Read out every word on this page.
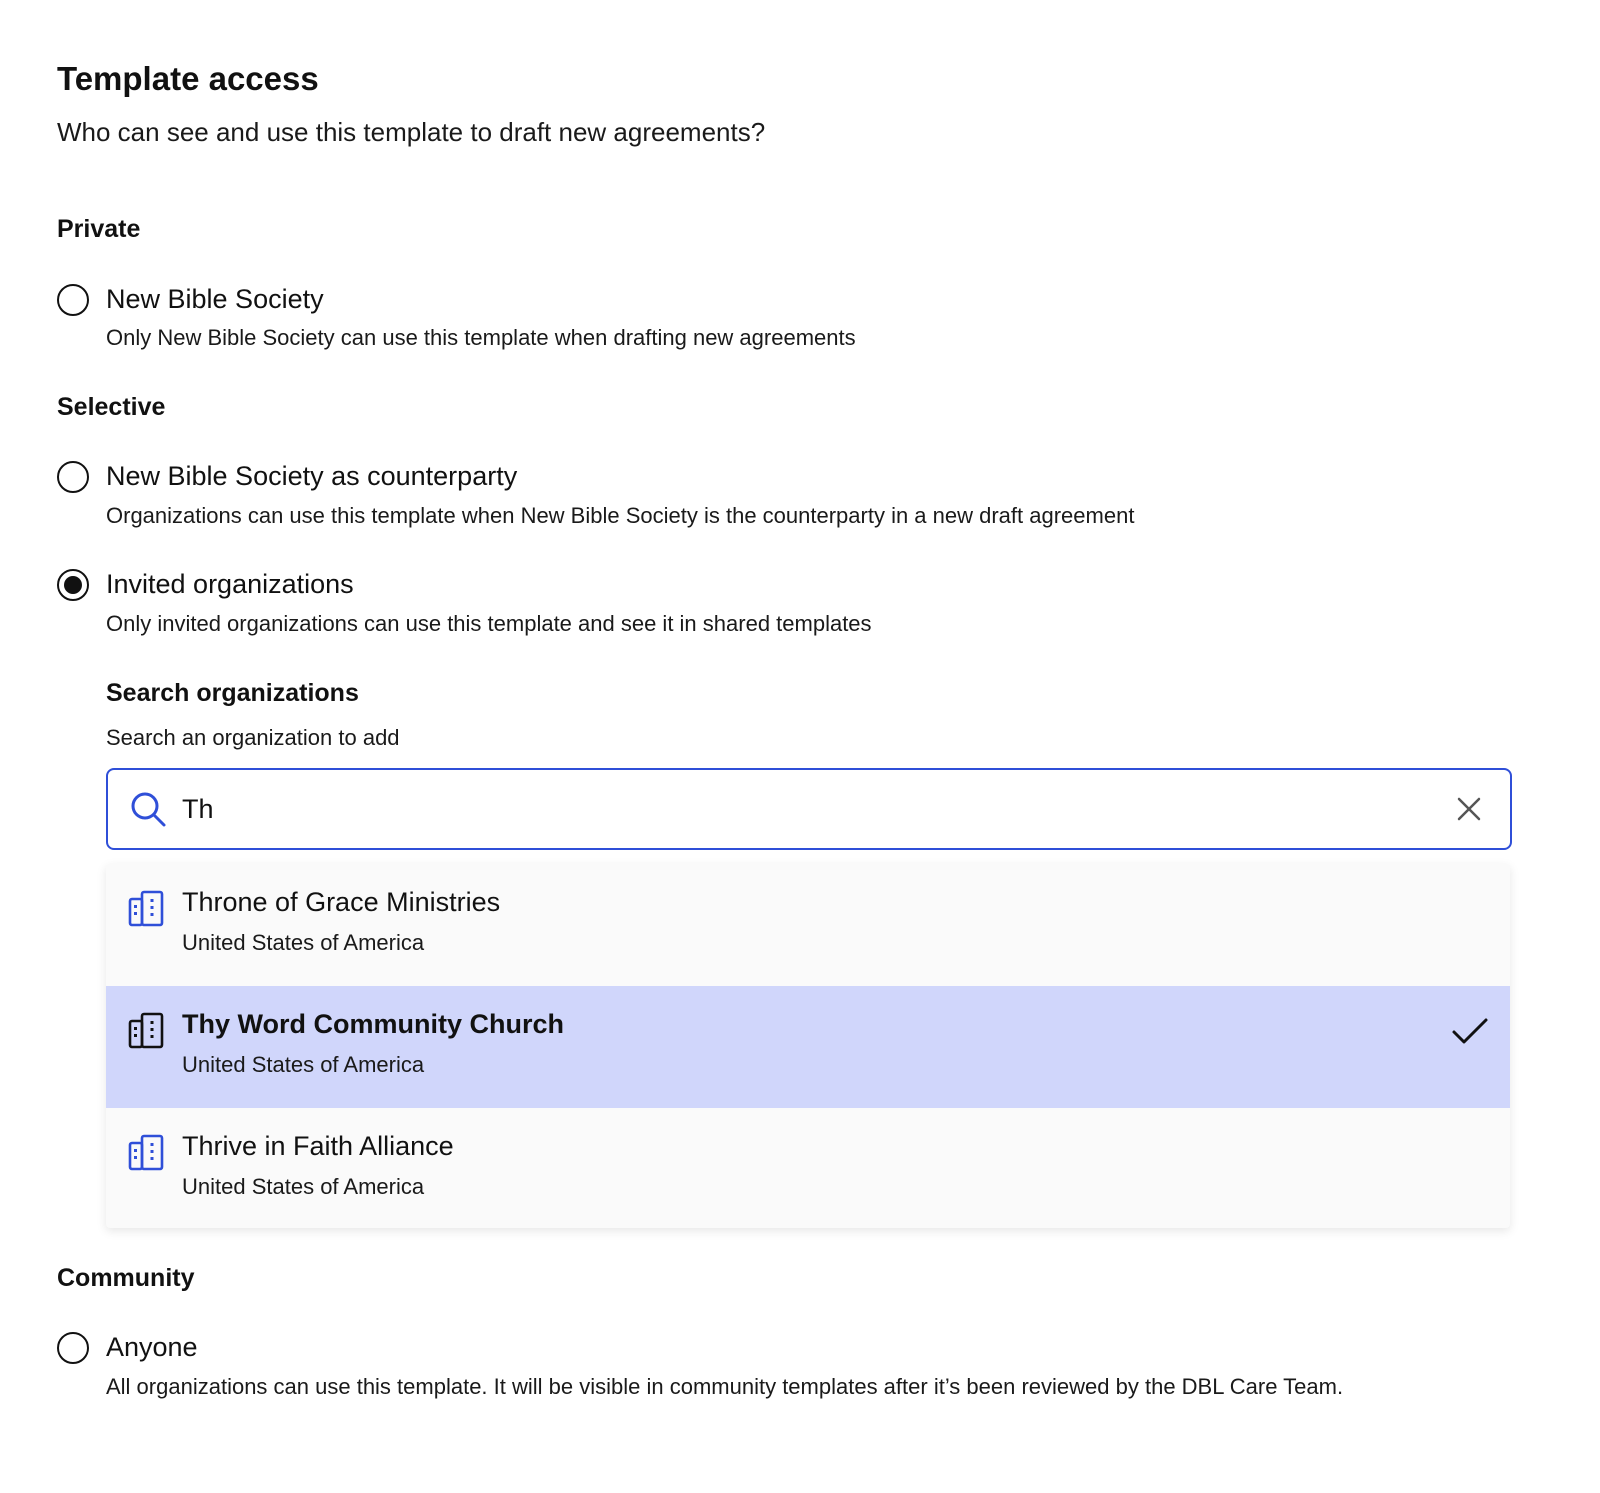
Template access
Who can see and use this template to draft new agreements?
Private
New Bible Society
Only New Bible Society can use this template when drafting new agreements
Selective
New Bible Society as counterparty
Organizations can use this template when New Bible Society is the counterparty in a new draft agreement
Invited organizations
Only invited organizations can use this template and see it in shared templates
Search organizations
Search an organization to add
Th
Throne of Grace Ministries
United States of America
Thy Word Community Church
United States of America
Thrive in Faith Alliance
United States of America
Community
Anyone
All organizations can use this template. It will be visible in community templates after it’s been reviewed by the DBL Care Team.
